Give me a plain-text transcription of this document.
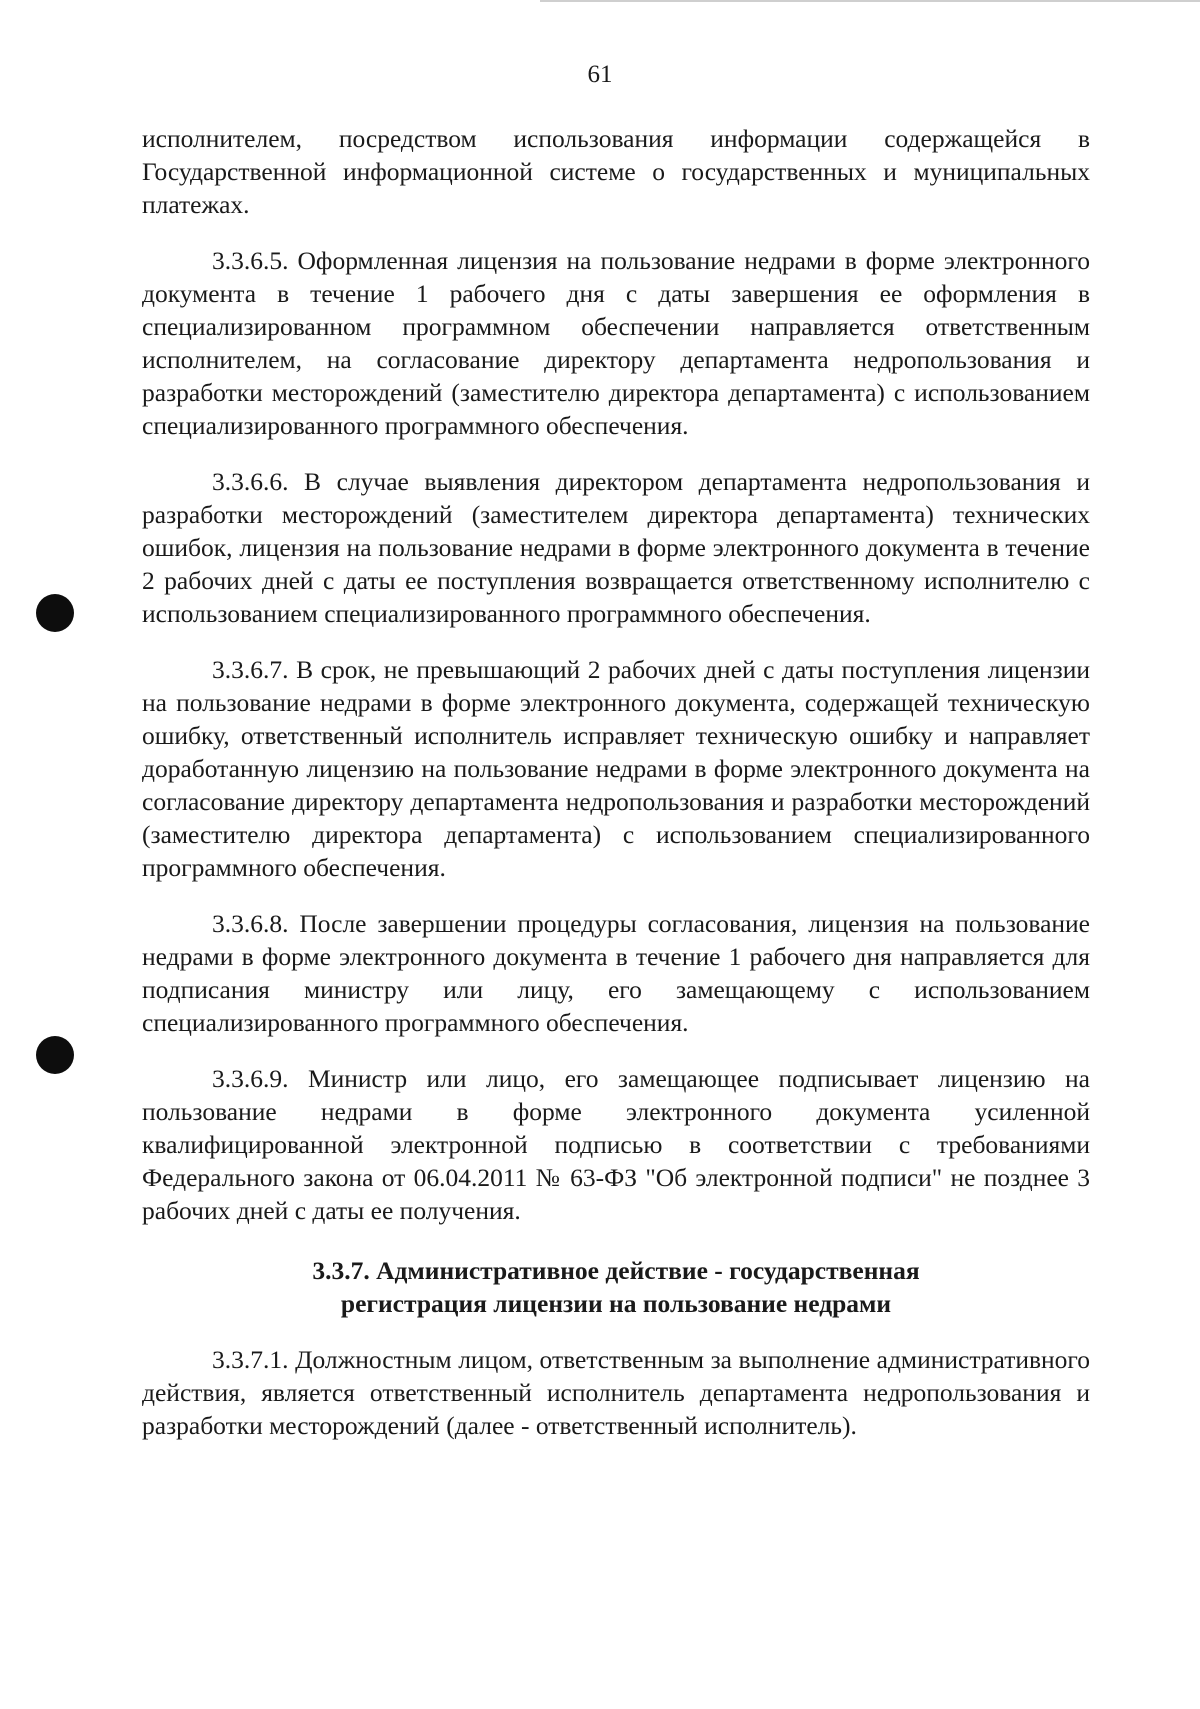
61

исполнителем, посредством использования информации содержащейся в Государственной информационной системе о государственных и муниципальных платежах.

3.3.6.5. Оформленная лицензия на пользование недрами в форме электронного документа в течение 1 рабочего дня с даты завершения ее оформления в специализированном программном обеспечении направляется ответственным исполнителем, на согласование директору департамента недропользования и разработки месторождений (заместителю директора департамента) с использованием специализированного программного обеспечения.

3.3.6.6. В случае выявления директором департамента недропользования и разработки месторождений (заместителем директора департамента) технических ошибок, лицензия на пользование недрами в форме электронного документа в течение 2 рабочих дней с даты ее поступления возвращается ответственному исполнителю с использованием специализированного программного обеспечения.

3.3.6.7. В срок, не превышающий 2 рабочих дней с даты поступления лицензии на пользование недрами в форме электронного документа, содержащей техническую ошибку, ответственный исполнитель исправляет техническую ошибку и направляет доработанную лицензию на пользование недрами в форме электронного документа на согласование директору департамента недропользования и разработки месторождений (заместителю директора департамента) с использованием специализированного программного обеспечения.

3.3.6.8. После завершении процедуры согласования, лицензия на пользование недрами в форме электронного документа в течение 1 рабочего дня направляется для подписания министру или лицу, его замещающему с использованием специализированного программного обеспечения.

3.3.6.9. Министр или лицо, его замещающее подписывает лицензию на пользование недрами в форме электронного документа усиленной квалифицированной электронной подписью в соответствии с требованиями Федерального закона от 06.04.2011 № 63-ФЗ "Об электронной подписи" не позднее 3 рабочих дней с даты ее получения.

3.3.7. Административное действие - государственная
регистрация лицензии на пользование недрами

3.3.7.1. Должностным лицом, ответственным за выполнение административного действия, является ответственный исполнитель департамента недропользования и разработки месторождений (далее - ответственный исполнитель).
